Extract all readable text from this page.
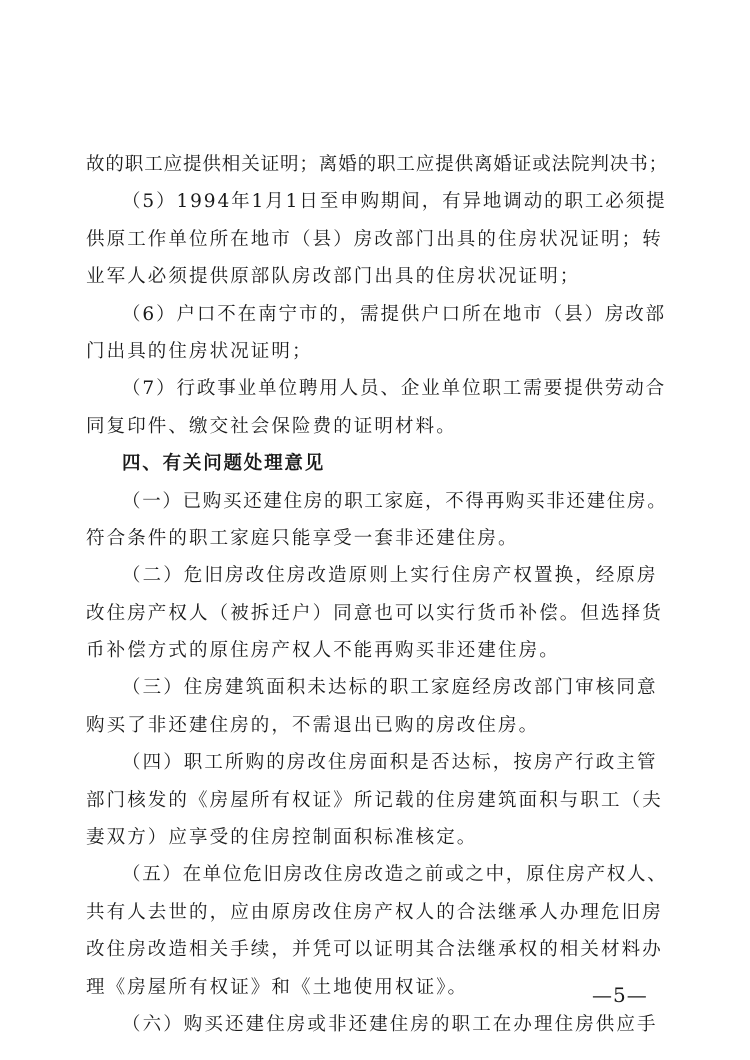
故的职工应提供相关证明；离婚的职工应提供离婚证或法院判决书；
（5）1994年1月1日至申购期间，有异地调动的职工必须提
供原工作单位所在地市（县）房改部门出具的住房状况证明；转
业军人必须提供原部队房改部门出具的住房状况证明；
（6）户口不在南宁市的，需提供户口所在地市（县）房改部
门出具的住房状况证明；
（7）行政事业单位聘用人员、企业单位职工需要提供劳动合
同复印件、缴交社会保险费的证明材料。
四、有关问题处理意见
（一）已购买还建住房的职工家庭，不得再购买非还建住房。
符合条件的职工家庭只能享受一套非还建住房。
（二）危旧房改住房改造原则上实行住房产权置换，经原房
改住房产权人（被拆迁户）同意也可以实行货币补偿。但选择货
币补偿方式的原住房产权人不能再购买非还建住房。
（三）住房建筑面积未达标的职工家庭经房改部门审核同意
购买了非还建住房的，不需退出已购的房改住房。
（四）职工所购的房改住房面积是否达标，按房产行政主管
部门核发的《房屋所有权证》所记载的住房建筑面积与职工（夫
妻双方）应享受的住房控制面积标准核定。
（五）在单位危旧房改住房改造之前或之中，原住房产权人、
共有人去世的，应由原房改住房产权人的合法继承人办理危旧房
改住房改造相关手续，并凭可以证明其合法继承权的相关材料办
理《房屋所有权证》和《土地使用权证》。
（六）购买还建住房或非还建住房的职工在办理住房供应手
—5—
